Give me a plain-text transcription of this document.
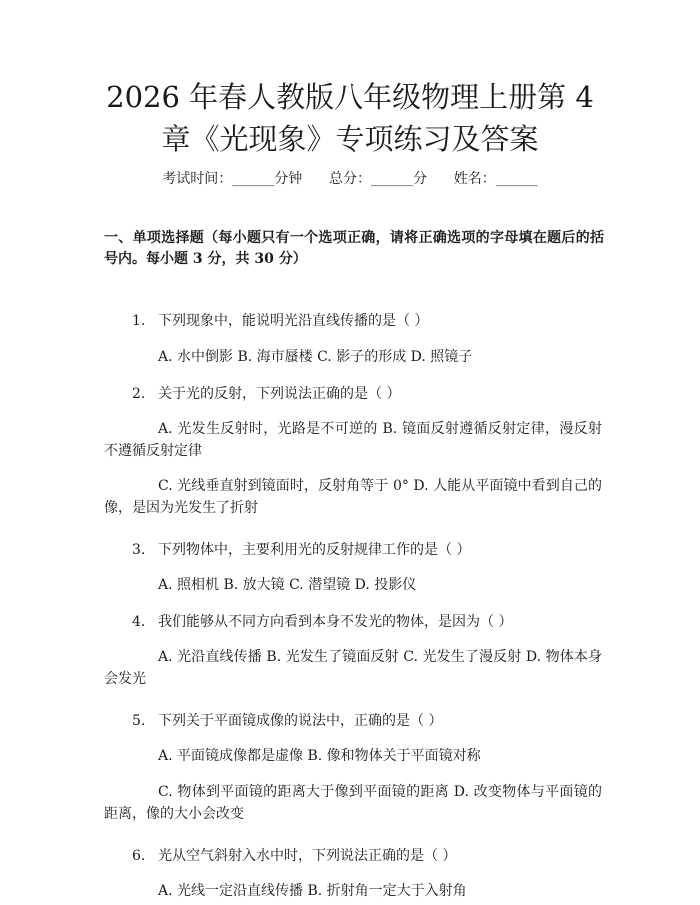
2026 年春人教版八年级物理上册第 4 章《光现象》专项练习及答案
考试时间：______分钟      总分：______分      姓名：______

一、单项选择题（每小题只有一个选项正确，请将正确选项的字母填在题后的括号内。每小题 3 分，共 30 分）

1. 下列现象中，能说明光沿直线传播的是（ ）
A. 水中倒影 B. 海市蜃楼 C. 影子的形成 D. 照镜子
2. 关于光的反射，下列说法正确的是（ ）
A. 光发生反射时，光路是不可逆的 B. 镜面反射遵循反射定律，漫反射不遵循反射定律
C. 光线垂直射到镜面时，反射角等于 0° D. 人能从平面镜中看到自己的像，是因为光发生了折射
3. 下列物体中，主要利用光的反射规律工作的是（ ）
A. 照相机 B. 放大镜 C. 潜望镜 D. 投影仪
4. 我们能够从不同方向看到本身不发光的物体，是因为（ ）
A. 光沿直线传播 B. 光发生了镜面反射 C. 光发生了漫反射 D. 物体本身会发光
5. 下列关于平面镜成像的说法中，正确的是（ ）
A. 平面镜成像都是虚像 B. 像和物体关于平面镜对称
C. 物体到平面镜的距离大于像到平面镜的距离 D. 改变物体与平面镜的距离，像的大小会改变
6. 光从空气斜射入水中时，下列说法正确的是（ ）
A. 光线一定沿直线传播 B. 折射角一定大于入射角
